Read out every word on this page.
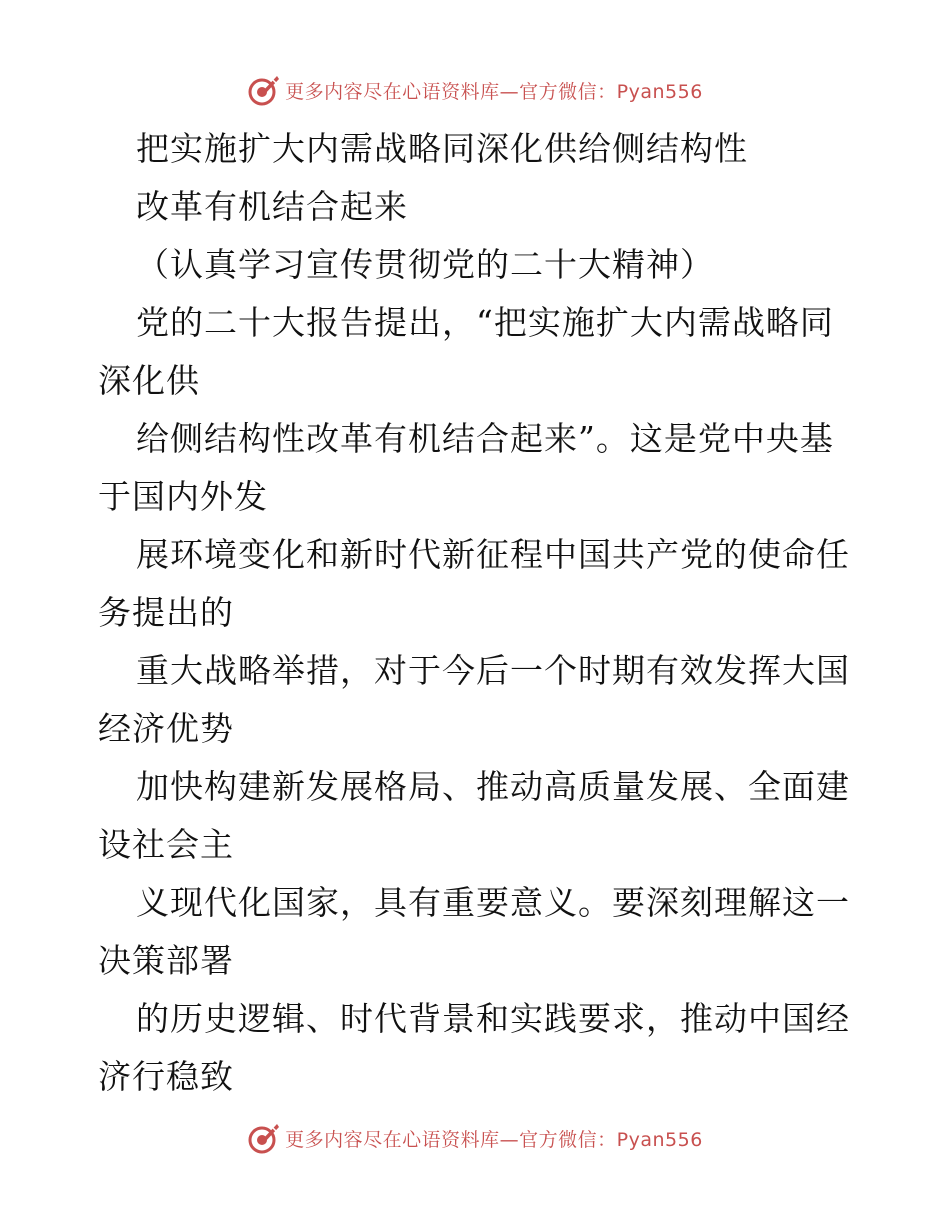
更多内容尽在心语资料库—官方微信：Pyan556
把实施扩大内需战略同深化供给侧结构性
改革有机结合起来
（认真学习宣传贯彻党的二十大精神）
党的二十大报告提出，“把实施扩大内需战略同
深化供
给侧结构性改革有机结合起来”。这是党中央基
于国内外发
展环境变化和新时代新征程中国共产党的使命任
务提出的
重大战略举措，对于今后一个时期有效发挥大国
经济优势
加快构建新发展格局、推动高质量发展、全面建
设社会主
义现代化国家，具有重要意义。要深刻理解这一
决策部署
的历史逻辑、时代背景和实践要求，推动中国经
济行稳致
更多内容尽在心语资料库—官方微信：Pyan556
